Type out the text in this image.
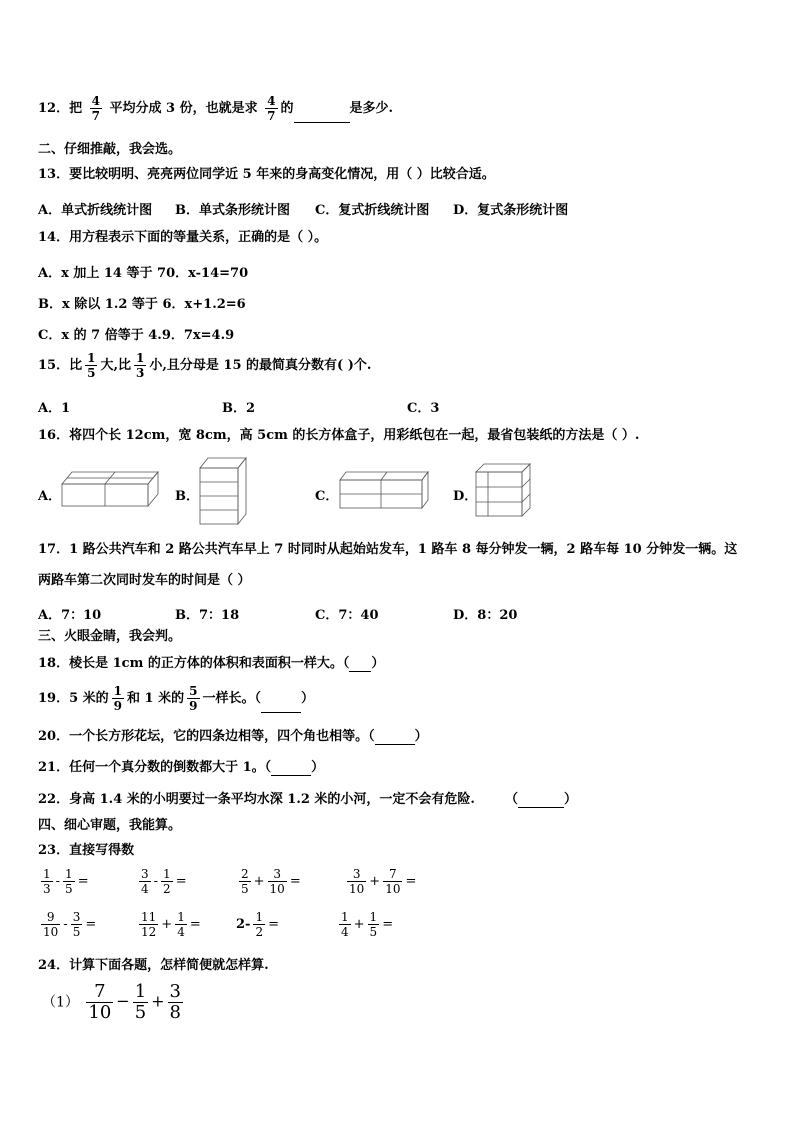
12．把 $\frac{4}{7}$ 平均分成 3 份，也就是求 $\frac{4}{7}$ 的	是多少.
二、仔细推敲，我会选。
13．要比较明明、亮亮两位同学近 5 年来的身高变化情况，用（ ）比较合适。
A．单式折线统计图 B．单式条形统计图 C．复式折线统计图 D．复式条形统计图
14．用方程表示下面的等量关系，正确的是（ ）。
A．x 加上 14 等于 70．x-14=70
B．x 除以 1.2 等于 6．x+1.2=6
C．x 的 7 倍等于 4.9．7x=4.9
15．比 $\frac{1}{5}$ 大,比 $\frac{1}{3}$ 小,且分母是 15 的最简真分数有( )个.
A．1	B．2	C．3
16．将四个长 12cm，宽 8cm，高 5cm 的长方体盒子，用彩纸包在一起，最省包装纸的方法是（ ）.
A．	B．	C．	D．
17．1 路公共汽车和 2 路公共汽车早上 7 时同时从起始站发车，1 路车 8 每分钟发一辆，2 路车每 10 分钟发一辆。这
两路车第二次同时发车的时间是（ ）
A．7：10	B．7：18	C．7：40	D．8：20
三、火眼金睛，我会判。
18．棱长是 1cm 的正方体的体积和表面积一样大。（ ）
19．5 米的 $\frac{1}{9}$ 和 1 米的 $\frac{5}{9}$ 一样长。（	）
20．一个长方形花坛，它的四条边相等，四个角也相等。（	）
21．任何一个真分数的倒数都大于 1。（	）
22．身高 1.4 米的小明要过一条平均水深 1.2 米的小河，一定不会有危险. （	）
四、细心审题，我能算。
23．直接写得数
$\frac{1}{3} - \frac{1}{5}$ =	$\frac{3}{4} - \frac{1}{2}$ =	$\frac{2}{5} + \frac{3}{10}$ =	$\frac{3}{10} + \frac{7}{10}$ =
$\frac{9}{10} - \frac{3}{5}$ =	$\frac{11}{12} + \frac{1}{4}$ =	$2- \frac{1}{2}$ =	$\frac{1}{4} + \frac{1}{5}$ =
24．计算下面各题，怎样简便就怎样算.
$(1) \frac{7}{10} - \frac{1}{5} + \frac{3}{8}$
